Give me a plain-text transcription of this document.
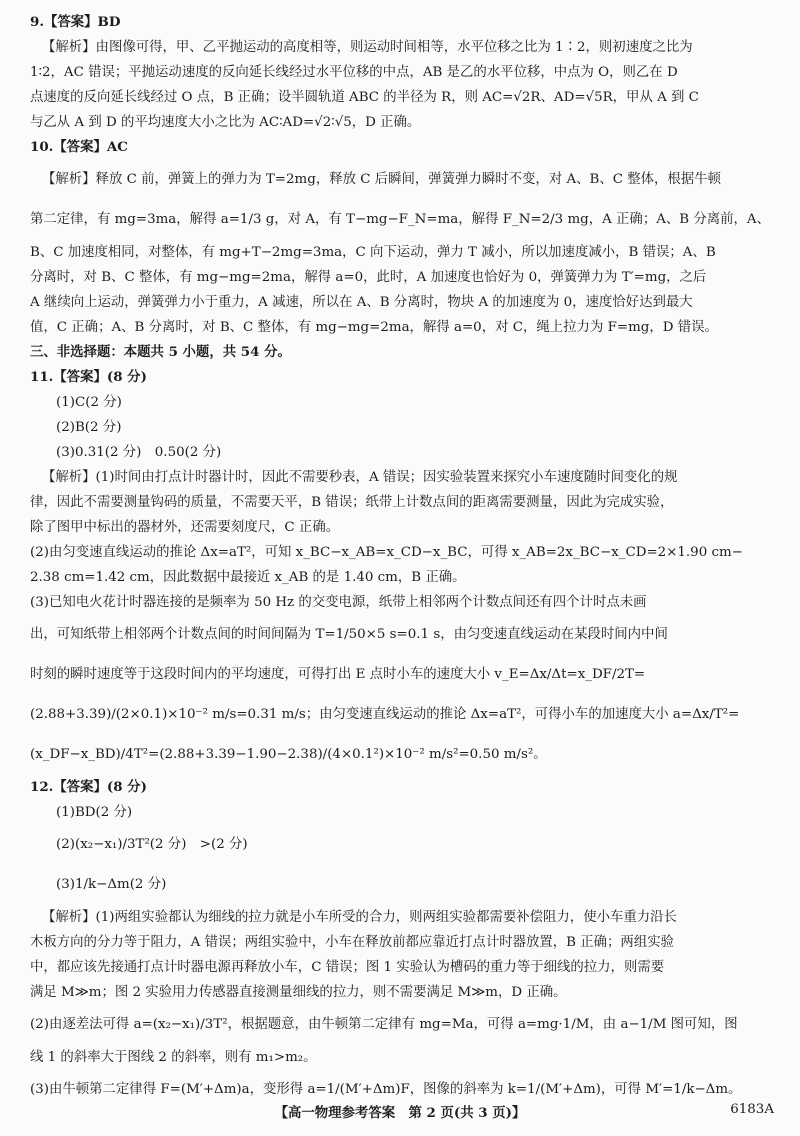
9.【答案】BD

【解析】由图像可得，甲、乙平抛运动的高度相等，则运动时间相等，水平位移之比为 1∶2，则初速度之比为

1∶2，AC 错误；平抛运动速度的反向延长线经过水平位移的中点，AB 是乙的水平位移，中点为 O，则乙在 D

点速度的反向延长线经过 O 点，B 正确；设半圆轨道 ABC 的半径为 R，则 AC=√2R、AD=√5R，甲从 A 到 C

与乙从 A 到 D 的平均速度大小之比为 AC∶AD=√2∶√5，D 正确。

10.【答案】AC

【解析】释放 C 前，弹簧上的弹力为 T=2mg，释放 C 后瞬间，弹簧弹力瞬时不变，对 A、B、C 整体，根据牛顿

第二定律，有 mg=3ma，解得 a=1/3 g，对 A，有 T−mg−F_N=ma，解得 F_N=2/3 mg，A 正确；A、B 分离前，A、

B、C 加速度相同，对整体，有 mg+T−2mg=3ma，C 向下运动，弹力 T 减小，所以加速度减小，B 错误；A、B

分离时，对 B、C 整体，有 mg−mg=2ma，解得 a=0，此时，A 加速度也恰好为 0，弹簧弹力为 T′=mg，之后

A 继续向上运动，弹簧弹力小于重力，A 减速，所以在 A、B 分离时，物块 A 的加速度为 0，速度恰好达到最大

值，C 正确；A、B 分离时，对 B、C 整体，有 mg−mg=2ma，解得 a=0，对 C，绳上拉力为 F=mg，D 错误。

三、非选择题：本题共 5 小题，共 54 分。

11.【答案】(8 分)

(1)C(2 分)

(2)B(2 分)

(3)0.31(2 分)　0.50(2 分)

【解析】(1)时间由打点计时器计时，因此不需要秒表，A 错误；因实验装置来探究小车速度随时间变化的规

律，因此不需要测量钩码的质量，不需要天平，B 错误；纸带上计数点间的距离需要测量，因此为完成实验，

除了图甲中标出的器材外，还需要刻度尺，C 正确。

(2)由匀变速直线运动的推论 Δx=aT²，可知 x_BC−x_AB=x_CD−x_BC，可得 x_AB=2x_BC−x_CD=2×1.90 cm−

2.38 cm=1.42 cm，因此数据中最接近 x_AB 的是 1.40 cm，B 正确。

(3)已知电火花计时器连接的是频率为 50 Hz 的交变电源，纸带上相邻两个计数点间还有四个计时点未画

出，可知纸带上相邻两个计数点间的时间间隔为 T=1/50×5 s=0.1 s，由匀变速直线运动在某段时间内中间

时刻的瞬时速度等于这段时间内的平均速度，可得打出 E 点时小车的速度大小 v_E=Δx/Δt=x_DF/2T=

(2.88+3.39)/(2×0.1)×10⁻² m/s=0.31 m/s；由匀变速直线运动的推论 Δx=aT²，可得小车的加速度大小 a=Δx/T²=

(x_DF−x_BD)/4T²=(2.88+3.39−1.90−2.38)/(4×0.1²)×10⁻² m/s²=0.50 m/s²。

12.【答案】(8 分)

(1)BD(2 分)

(2)(x₂−x₁)/3T²(2 分)　>(2 分)

(3)1/k−Δm(2 分)

【解析】(1)两组实验都认为细线的拉力就是小车所受的合力，则两组实验都需要补偿阻力，使小车重力沿长

木板方向的分力等于阻力，A 错误；两组实验中，小车在释放前都应靠近打点计时器放置，B 正确；两组实验

中，都应该先接通打点计时器电源再释放小车，C 错误；图 1 实验认为槽码的重力等于细线的拉力，则需要

满足 M≫m；图 2 实验用力传感器直接测量细线的拉力，则不需要满足 M≫m，D 正确。

(2)由逐差法可得 a=(x₂−x₁)/3T²，根据题意，由牛顿第二定律有 mg=Ma，可得 a=mg·1/M，由 a−1/M 图可知，图

线 1 的斜率大于图线 2 的斜率，则有 m₁>m₂。

(3)由牛顿第二定律得 F=(M′+Δm)a，变形得 a=1/(M′+Δm)F，图像的斜率为 k=1/(M′+Δm)，可得 M′=1/k−Δm。

【高一物理参考答案　第 2 页(共 3 页)】	6183A
